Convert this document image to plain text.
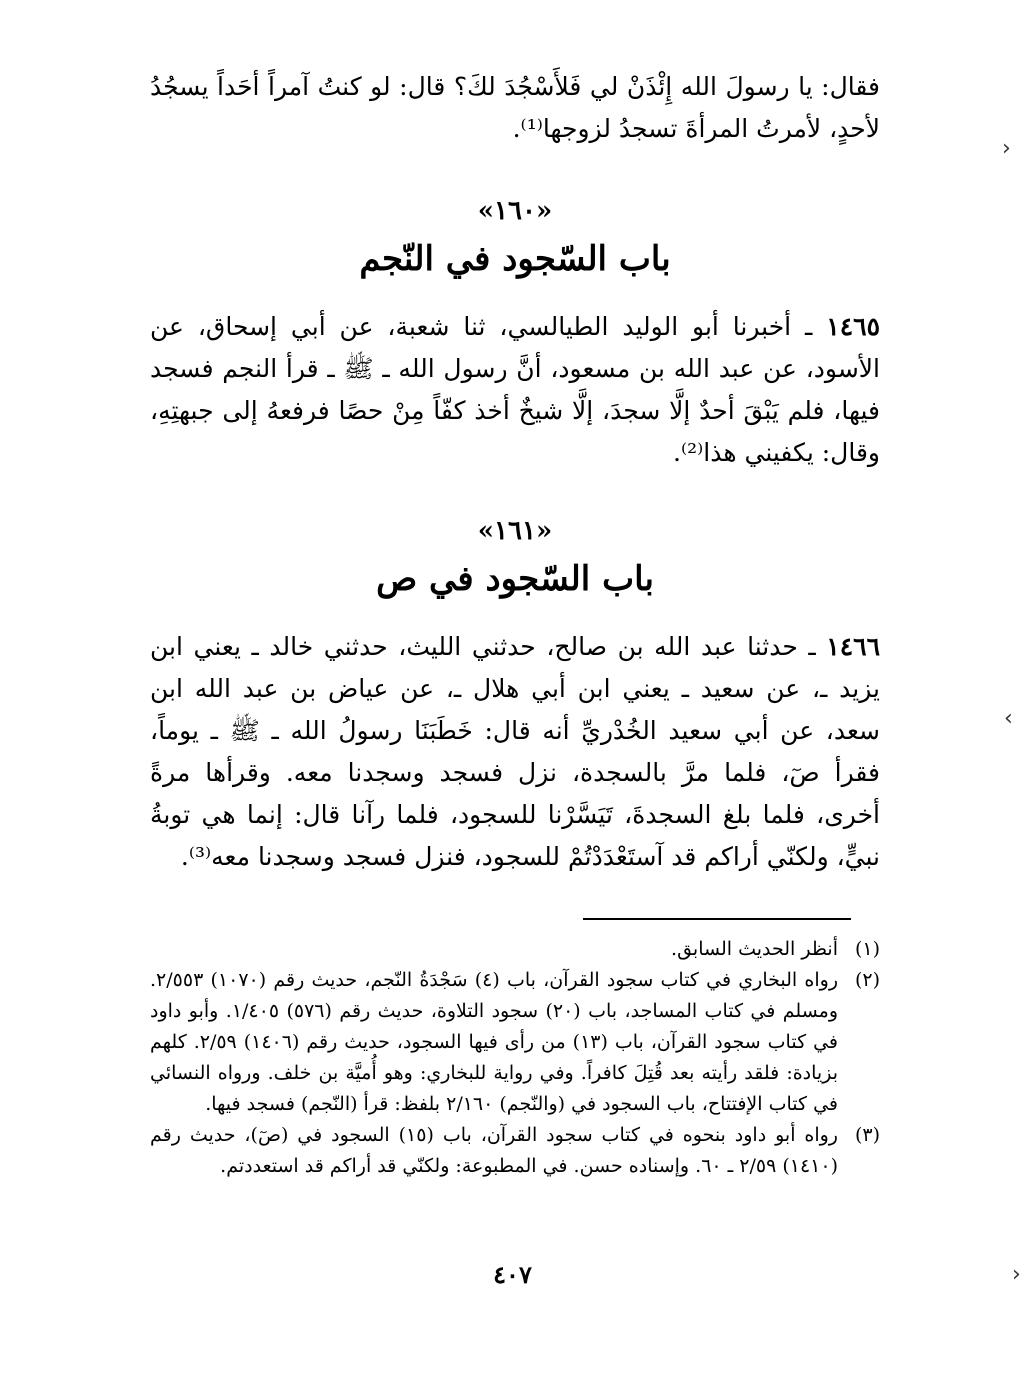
فقال: يا رسولَ الله إِئْذَنْ لي فَلأَسْجُدَ لكَ؟ قال: لو كنتُ آمراً أحَداً يسجُدُ لأحدٍ، لأمرتُ المرأةَ تسجدُ لزوجها⁽¹⁾.

«١٦٠»

باب السّجود في النّجم

١٤٦٥ ـ أخبرنا أبو الوليد الطيالسي، ثنا شعبة، عن أبي إسحاق، عن الأسود، عن عبد الله بن مسعود، أنَّ رسول الله ـ ﷺ ـ قرأ النجم فسجد فيها، فلم يَبْقَ أحدٌ إلَّا سجدَ، إلَّا شيخٌ أخذ كفّاً مِنْ حصًا فرفعهُ إلى جبهتِهِ، وقال: يكفيني هذا⁽²⁾.

«١٦١»

باب السّجود في ص

١٤٦٦ ـ حدثنا عبد الله بن صالح، حدثني الليث، حدثني خالد ـ يعني ابن يزيد ـ، عن سعيد ـ يعني ابن أبي هلال ـ، عن عياض بن عبد الله ابن سعد، عن أبي سعيد الخُدْريِّ أنه قال: خَطَبَنَا رسولُ الله ـ ﷺ ـ يوماً، فقرأ صٓ، فلما مرَّ بالسجدة، نزل فسجد وسجدنا معه. وقرأها مرةً أخرى، فلما بلغ السجدةَ، تَيَسَّرْنا للسجود، فلما رآنا قال: إنما هي توبةُ نبيٍّ، ولكنّي أراكم قد آستَعْدَدْتُمْ للسجود، فنزل فسجد وسجدنا معه⁽³⁾.

(١)
أنظر الحديث السابق.
(٢)
رواه البخاري في كتاب سجود القرآن، باب (٤) سَجْدَةُ النّجم، حديث رقم (١٠٧٠) ٢/٥٥٣. ومسلم في كتاب المساجد، باب (٢٠) سجود التلاوة، حديث رقم (٥٧٦) ١/٤٠٥. وأبو داود في كتاب سجود القرآن، باب (١٣) من رأى فيها السجود، حديث رقم (١٤٠٦) ٢/٥٩. كلهم بزيادة: فلقد رأيته بعد قُتِلَ كافراً. وفي رواية للبخاري: وهو أُميَّة بن خلف. ورواه النسائي في كتاب الإفتتاح، باب السجود في (والنّجم) ٢/١٦٠ بلفظ: قرأ (النّجم) فسجد فيها.
(٣)
رواه أبو داود بنحوه في كتاب سجود القرآن، باب (١٥) السجود في (صٓ)، حديث رقم (١٤١٠) ٢/٥٩ ـ ٦٠. وإسناده حسن. في المطبوعة: ولكنّي قد أراكم قد استعددتم.
٤٠٧
›
‹
›
